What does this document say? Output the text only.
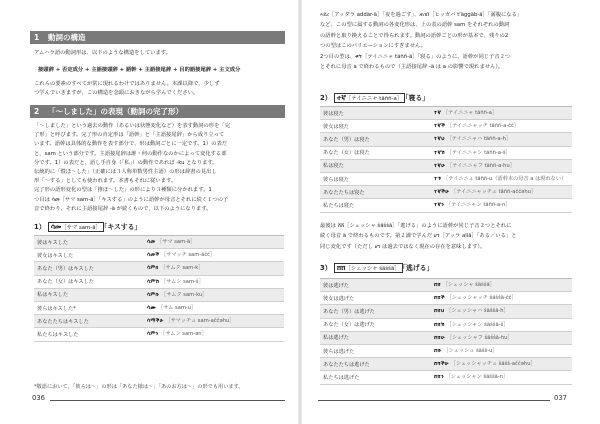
1 動詞の構造
アムハラ語の動詞形は、以下のような構造をしています。
接頭辞 + 否定成分 + 主語接頭辞 + 語幹 + 主語接尾辞 + 目的語接尾辞 + 主文成分
これらの要素のすべてが常に現れるわけではありません。本課以降で、少しず
つ学んでいきますが、この構造を念頭におきながら学んでください。
2 「〜しました」の表現（動詞の完了形）
「〜しました」という過去の動作（あるいは状態変化など）を表す動詞の形を「完
了形」と呼びます。完了形の肯定形は「語幹」と「主語接尾辞」から成り立って
います。語幹は具体的な動作を表す部分で、形は動詞ごとに一定です。1）の表だ
と、sam という部分です。主語接尾辞は誰・何の動作なのかによって変化する部
分です。1）の表だと、語し手自身（「私」）の動作であれば -ku となります。
伝統的に「慣ほ〜した」（正確には３人称単数男性主語）の形は辞書の見出し
形「〜する」としても使われます。本書もそれに従います。
完了形の語形変化の型は「推ほ〜した」の形により３種類に分かれます。1
つ目は ሳመ［サマ sam-ä］「キスする」のように語幹が母音とそれに続く１つの子
音で終わり、それに主語接尾辞 -ä が続くもので、以下のようになります。
1） ሳመ［サマ sam-ä］ 「キスする」
彼はキスした	ሳመ ［サマ sam-ä］
彼女はキスした	ሳመች ［サマッチ sam-äčč］
あなた（男）はキスした	ሳምክ ［サムク sam-k］
あなた（女）はキスした	ሳምሽ ［サムシ sam-š］
私はキスした	ሳምኩ ［サムク sam-ku］
彼らはキスした*	ሳሙ ［サム sam-u］
あなたたちはキスした	ሳማችሁ ［サマッチュ sam-aččəhu］
私たちはキスした	ሳምን ［サムン sam-ən］
*敬語において、「彼らは〜」の形は「あなた様は〜」「あのお方は〜」の形でも用います。
036
ኣደረ［アッダラ addär-ä］「夜を過ごす」、ጠገበ［ヒッガバ t'äggäb-ä］「満腹になる」
など、この型に属する動詞の各変化形は、上の表の語幹 sam をそれぞれの動詞
の語幹と取り換えることで得られます。動詞の語幹ごとの形が基本で、残りの2
つの型はこのバリエーションにすぎません。
2つ目の型は、ቀኘ［テイニニャ täññ-ä］「寝る」のように、語幹が同じ子音２つ
とそれに母音 a で終わるもので（主語接尾辞 -ä は a の影響で現れません）。
2） ተኛ［テイニニャ täññ-a］ 「寝る」
彼は寝た	ተኛ ［テイニニャ täññ-a］
彼女は寝た	ተኛች ［テイニニャッチ täññ-a-čč］
あなた（男）は寝た	ተኛህ ［テイニニャハ täññ-a-h］
あなた（女）は寝た	ተኛሽ ［テイニニャシ täññ-a-š］
私は寝た	ተኛሁ ［テイニニャフ täññ-a-hu］
彼らは寝た	ተኙ ［テイニニュ täññ-u（語幹末の母音 a は現れない）
あなたたちは寝た	ተኛችሁ ［テイニニャッチュ täññ-aččəhu］
私たちは寝た	ተኛን ［テイニニャン täññ-a-n］
最後は ሸሸ［シェッシャ šäššä］「逃げる」のように語幹が同じ子音２つとそれに
続く母音 ä で終わるものです。第２課で学んだ ሆነ［アッラ allä］「ある／いる」と
同じ変化です（ただし ሆነ は過去ではなく現在の存在を意味します）。
3） ሸሸ［シェッシャ šäššä］ 「逃げる」
彼は逃げた	ሸሸ ［シェッシャ šäššä］
彼女は逃げた	ሸሸች ［シェッシャッチ šäššä-čč］
あなた（男）は逃げた	ሸሸህ ［シェッシャハ šäššä-h］
あなた（女）は逃げた	ሸሸሽ ［シェッシャシ šäššä-š］
私は逃げた	ሸሸሁ ［シェッシャフ šäššä-hu］
彼らは逃げた	ሸሹ ［シェッシュ šäšš-u］
あなたたちは逃げた	ሸሻችሁ ［シェッシャッチュ šäšš-aččəhu］
私たちは逃げた	ሸሸን ［シェッシャン šäššä-n］
037
